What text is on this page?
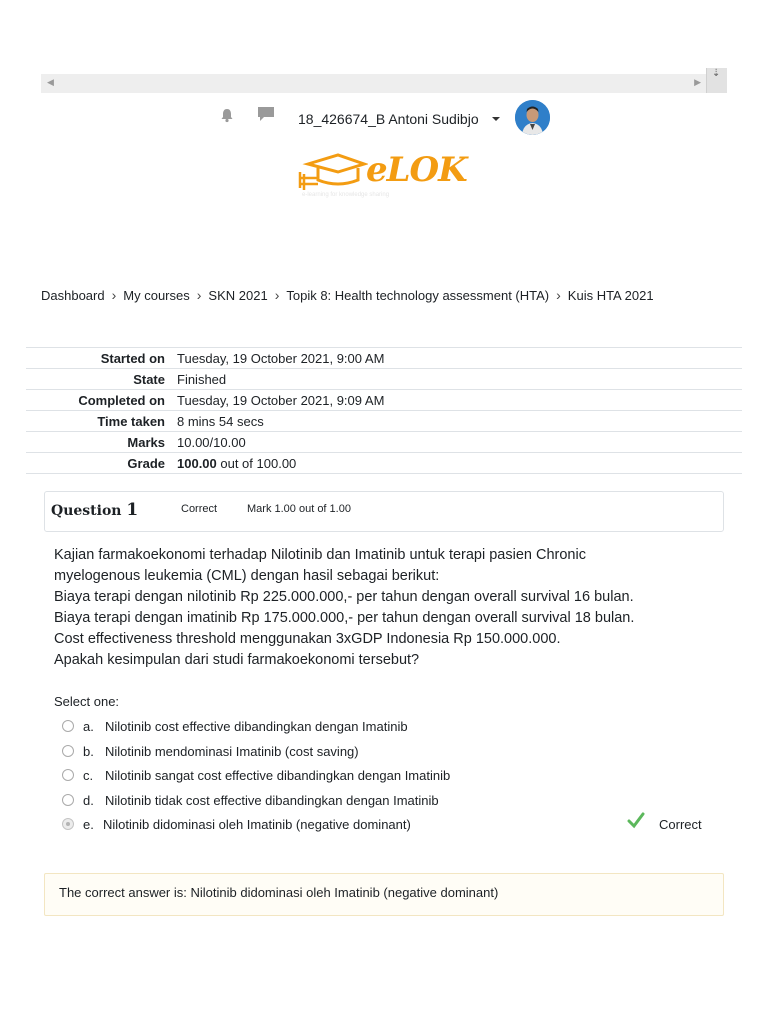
◀	▶
⇣
18_426674_B Antoni Sudibjo
eLOK
e-learning for knowledge sharing
Dashboard › My courses › SKN 2021 › Topik 8: Health technology assessment (HTA) › Kuis HTA 2021
Started on	Tuesday, 19 October 2021, 9:00 AM
State	Finished
Completed on	Tuesday, 19 October 2021, 9:09 AM
Time taken	8 mins 54 secs
Marks	10.00/10.00
Grade	100.00 out of 100.00
Question 1	Correct	Mark 1.00 out of 1.00
Kajian farmakoekonomi terhadap Nilotinib dan Imatinib untuk terapi pasien Chronic
myelogenous leukemia (CML) dengan hasil sebagai berikut:
Biaya terapi dengan nilotinib Rp 225.000.000,- per tahun dengan overall survival 16 bulan.
Biaya terapi dengan imatinib Rp 175.000.000,- per tahun dengan overall survival 18 bulan.
Cost effectiveness threshold menggunakan 3xGDP Indonesia Rp 150.000.000.
Apakah kesimpulan dari studi farmakoekonomi tersebut?
Select one:
a. Nilotinib cost effective dibandingkan dengan Imatinib
b. Nilotinib mendominasi Imatinib (cost saving)
c. Nilotinib sangat cost effective dibandingkan dengan Imatinib
d. Nilotinib tidak cost effective dibandingkan dengan Imatinib
e. Nilotinib didominasi oleh Imatinib (negative dominant)	Correct
The correct answer is: Nilotinib didominasi oleh Imatinib (negative dominant)
